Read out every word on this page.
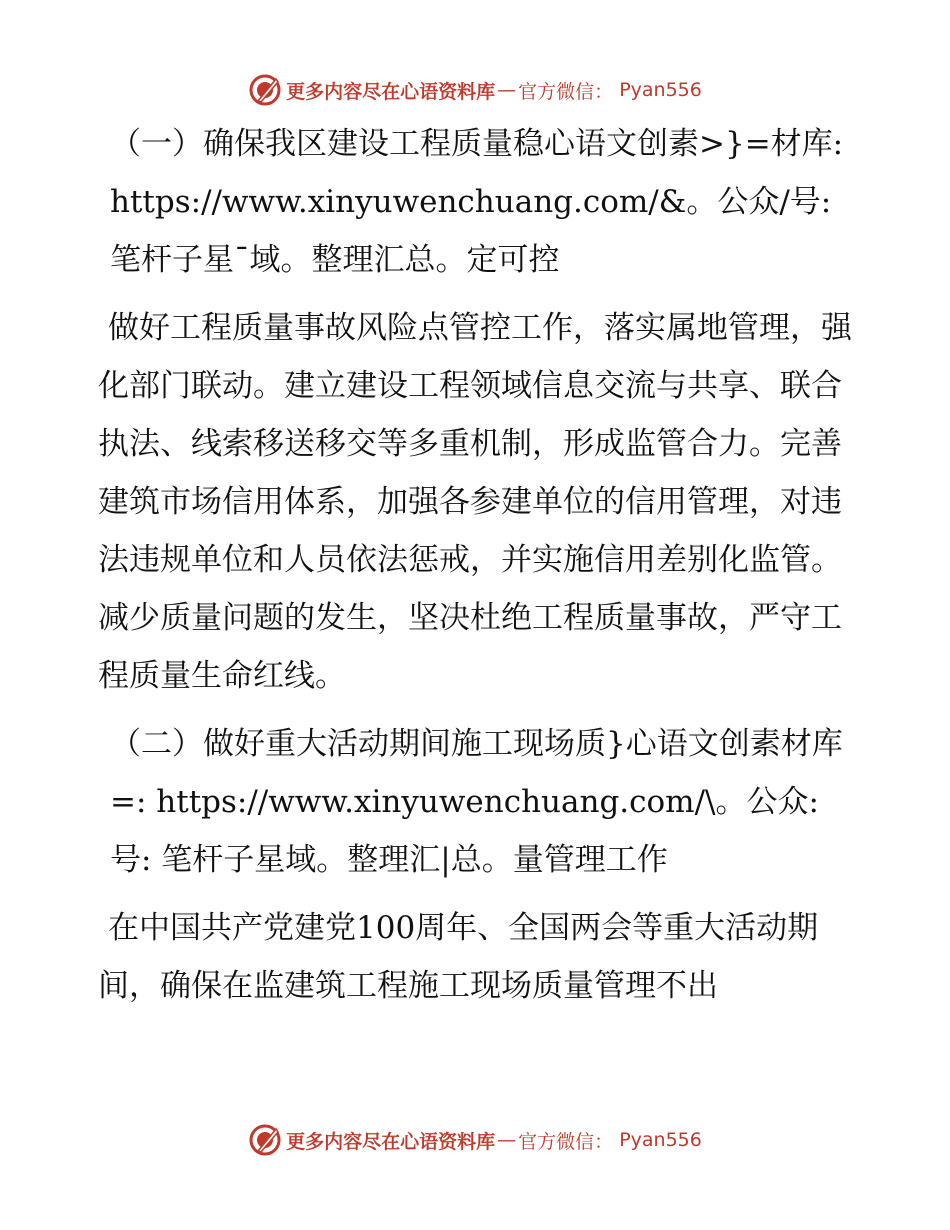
更多内容尽在心语资料库 — 官方微信： Pyan556

（一）确保我区建设工程质量稳心语文创素>}=材库: https://www.xinyuwenchuang.com/&。公众/号: 笔杆子星¯域。整理汇总。定可控

做好工程质量事故风险点管控工作，落实属地管理，强化部门联动。建立建设工程领域信息交流与共享、联合执法、线索移送移交等多重机制，形成监管合力。完善建筑市场信用体系，加强各参建单位的信用管理，对违法违规单位和人员依法惩戒，并实施信用差别化监管。减少质量问题的发生，坚决杜绝工程质量事故，严守工程质量生命红线。

（二）做好重大活动期间施工现场质}心语文创素材库=: https://www.xinyuwenchuang.com/\。公众:号: 笔杆子星域。整理汇|总。量管理工作

在中国共产党建党100周年、全国两会等重大活动期间，确保在监建筑工程施工现场质量管理不出

更多内容尽在心语资料库 — 官方微信： Pyan556
